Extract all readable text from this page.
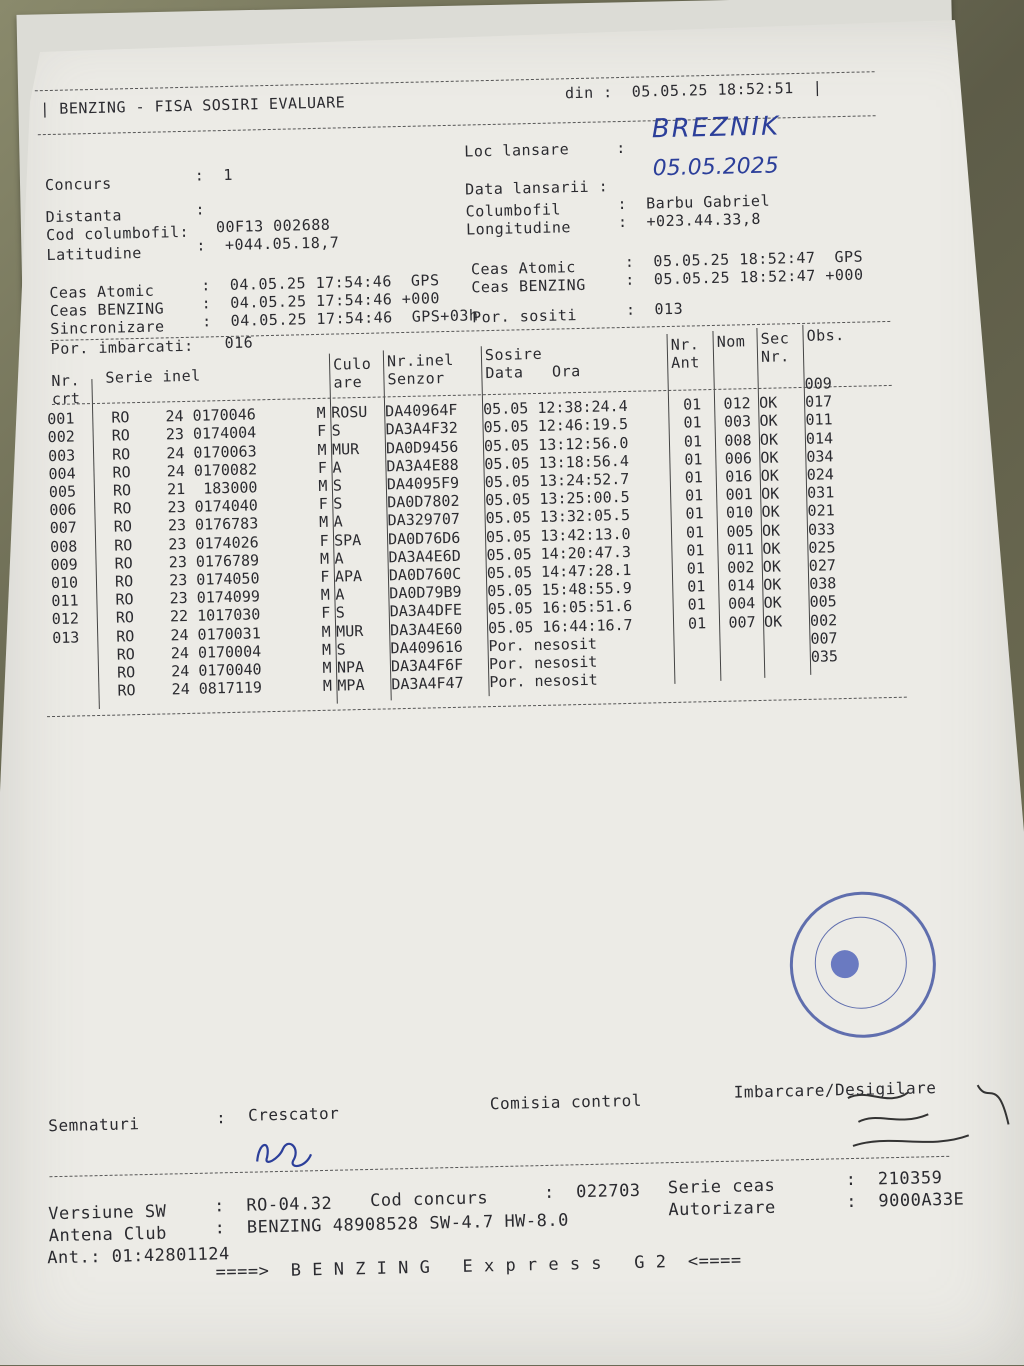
| BENZING - FISA SOSIRI EVALUARE
din : 05.05.25 18:52:51  |
Concurs	:  1
Loc lansare	:
BREZNIK
Data lansarii :
05.05.2025
Distanta	:
Cod columbofil: 00F13 002688
Latitudine	:  +044.05.18,7
Columbofil	:  Barbu Gabriel
Longitudine	:  +023.44.33,8
Ceas Atomic	:  04.05.25 17:54:46  GPS
Ceas BENZING :  04.05.25 17:54:46 +000
Sincronizare :  04.05.25 17:54:46  GPS+03h
Ceas Atomic	:  05.05.25 18:52:47  GPS
Ceas BENZING	:  05.05.25 18:52:47 +000
Por. imbarcati: 016
Por. sositi	:  013
Nr.
crt
Serie inel
Culo
are
Nr.inel
Senzor
Sosire
Data   Ora
Nr.
Ant
Nom Sec
Nr.
Obs.
									009
001	RO    24 0170046	M	ROSU	DA40964F	05.05 12:38:24.4	01	012	OK	017
002	RO    23 0174004	F	S	DA3A4F32	05.05 12:46:19.5	01	003	OK	011
003	RO    24 0170063	M	MUR	DA0D9456	05.05 13:12:56.0	01	008	OK	014
004	RO    24 0170082	F	A	DA3A4E88	05.05 13:18:56.4	01	006	OK	034
005	RO    21  183000	M	S	DA4095F9	05.05 13:24:52.7	01	016	OK	024
006	RO    23 0174040	F	S	DA0D7802	05.05 13:25:00.5	01	001	OK	031
007	RO    23 0176783	M	A	DA329707	05.05 13:32:05.5	01	010	OK	021
008	RO    23 0174026	F	SPA	DA0D76D6	05.05 13:42:13.0	01	005	OK	033
009	RO    23 0176789	M	A	DA3A4E6D	05.05 14:20:47.3	01	011	OK	025
010	RO    23 0174050	F	APA	DA0D760C	05.05 14:47:28.1	01	002	OK	027
011	RO    23 0174099	M	A	DA0D79B9	05.05 15:48:55.9	01	014	OK	038
012	RO    22 1017030	F	S	DA3A4DFE	05.05 16:05:51.6	01	004	OK	005
013	RO    24 0170031	M	MUR	DA3A4E60	05.05 16:44:16.7	01	007	OK	002
	RO    24 0170004	M	S	DA409616	Por. nesosit				007
	RO    24 0170040	M	NPA	DA3A4F6F	Por. nesosit				035
	RO    24 0817119	M	MPA	DA3A4F47	Por. nesosit				
Semnaturi	: Crescator
Comisia control
Imbarcare/Desigilare
Versiune SW	:  RO-04.32 Cod concurs	:  022703 Serie ceas	:  210359
Antena Club	:  BENZING 48908528 SW-4.7 HW-8.0
Autorizare	:  9000A33E
Ant.: 01:42801124
====>  B E N Z I N G   E x p r e s s   G 2  <====
